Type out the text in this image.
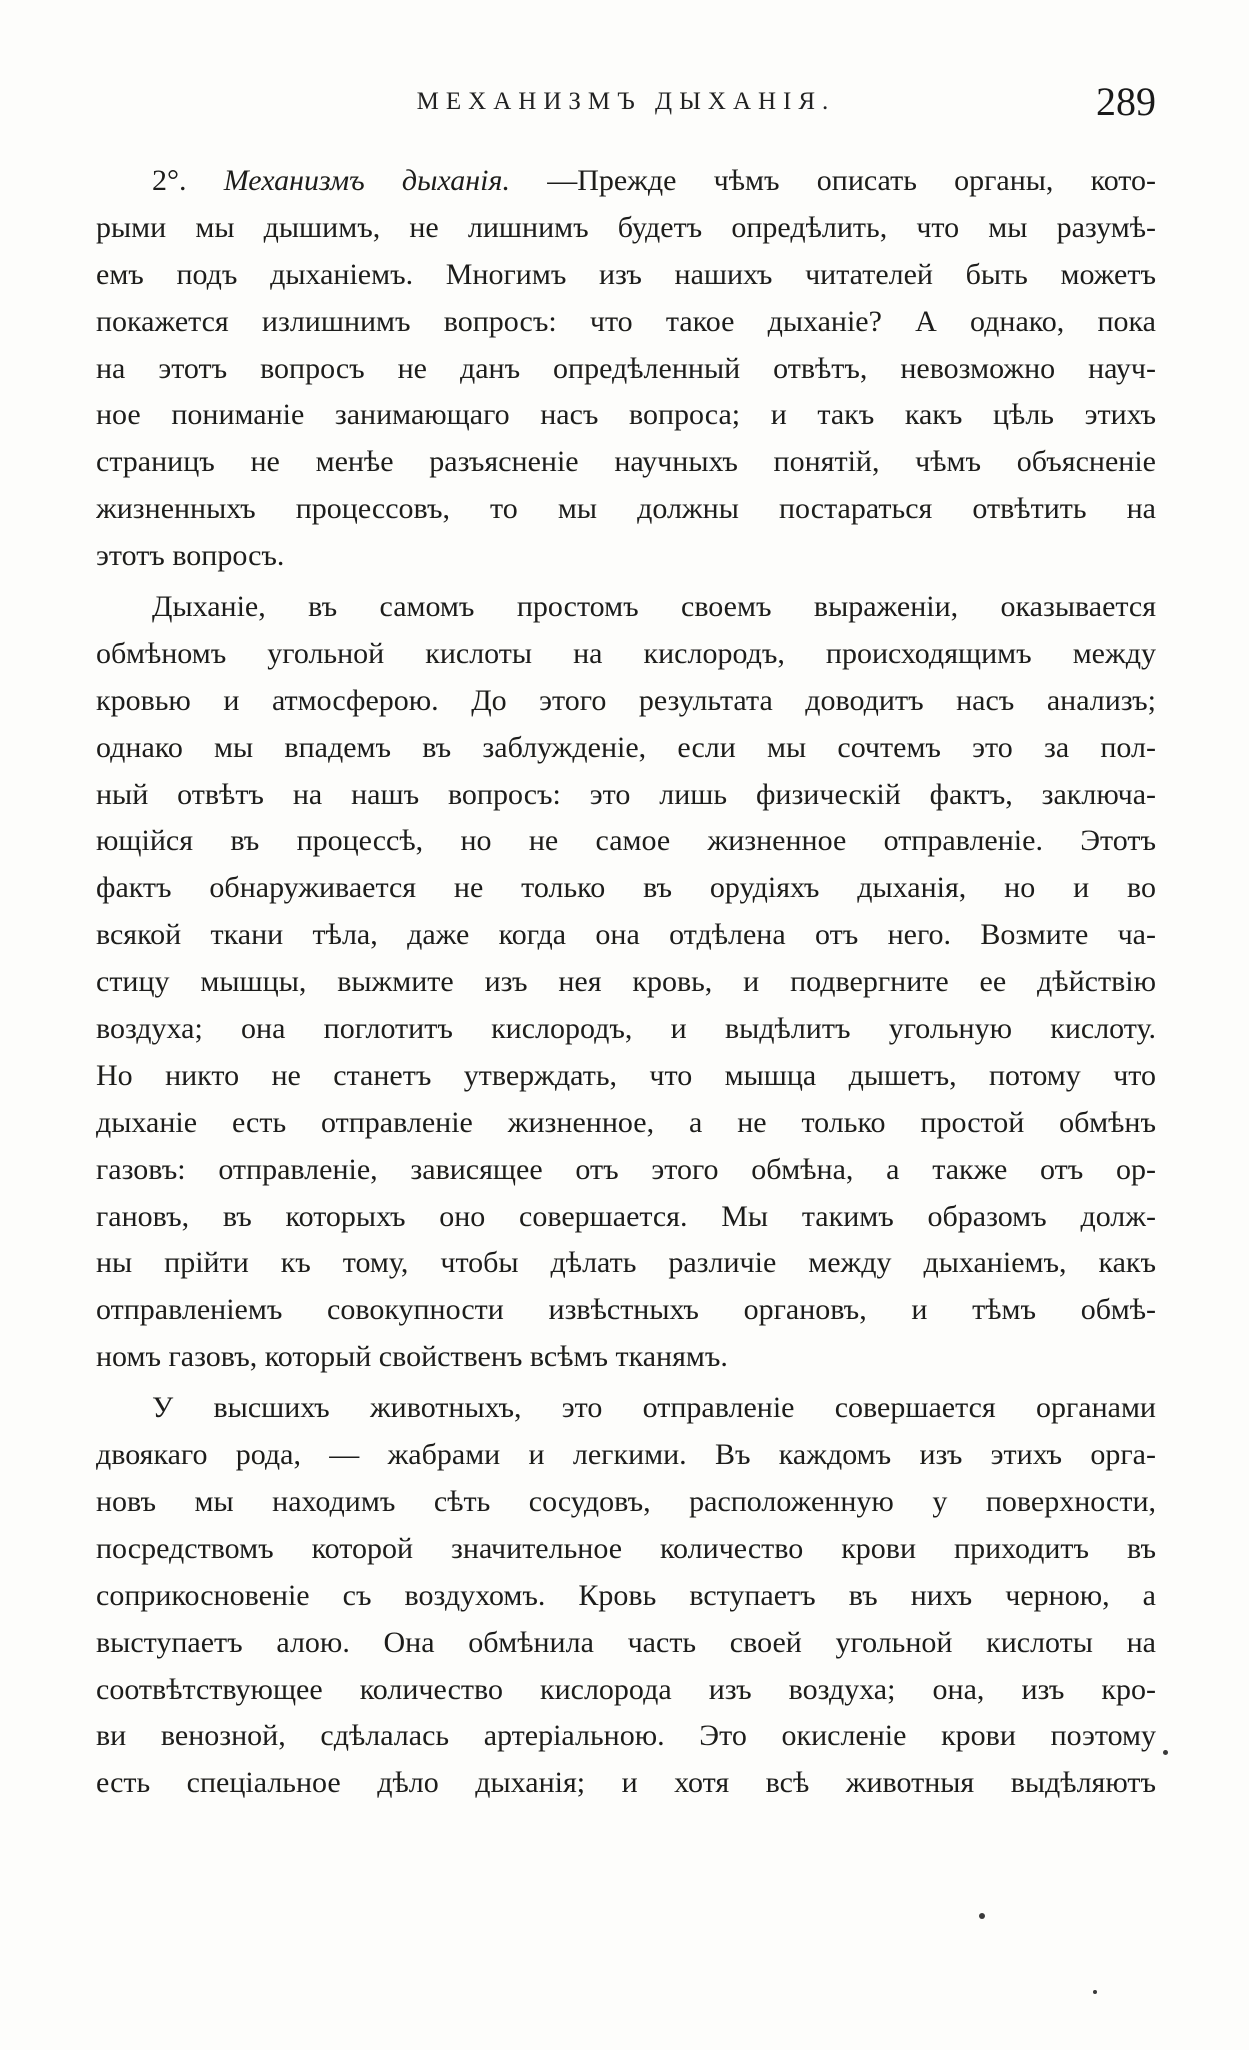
МЕХАНИЗМЪ ДЫХАНІЯ.	289
2°. Механизмъ дыханія. —Прежде чѣмъ описать органы, кото-
рыми мы дышимъ, не лишнимъ будетъ опредѣлить, что мы разумѣ-
емъ подъ дыханіемъ. Многимъ изъ нашихъ читателей быть можетъ
покажется излишнимъ вопросъ: что такое дыханіе? А однако, пока
на этотъ вопросъ не данъ опредѣленный отвѣтъ, невозможно науч-
ное пониманіе занимающаго насъ вопроса; и такъ какъ цѣль этихъ
страницъ не менѣе разъясненіе научныхъ понятій, чѣмъ объясненіе
жизненныхъ процессовъ, то мы должны постараться отвѣтить на
этотъ вопросъ.
Дыханіе, въ самомъ простомъ своемъ выраженіи, оказывается
обмѣномъ угольной кислоты на кислородъ, происходящимъ между
кровью и атмосферою. До этого результата доводитъ насъ анализъ;
однако мы впадемъ въ заблужденіе, если мы сочтемъ это за пол-
ный отвѣтъ на нашъ вопросъ: это лишь физическій фактъ, заключа-
ющійся въ процессѣ, но не самое жизненное отправленіе. Этотъ
фактъ обнаруживается не только въ орудіяхъ дыханія, но и во
всякой ткани тѣла, даже когда она отдѣлена отъ него. Возмите ча-
стицу мышцы, выжмите изъ нея кровь, и подвергните ее дѣйствію
воздуха; она поглотитъ кислородъ, и выдѣлитъ угольную кислоту.
Но никто не станетъ утверждать, что мышца дышетъ, потому что
дыханіе есть отправленіе жизненное, а не только простой обмѣнъ
газовъ: отправленіе, зависящее отъ этого обмѣна, а также отъ ор-
гановъ, въ которыхъ оно совершается. Мы такимъ образомъ долж-
ны прійти къ тому, чтобы дѣлать различіе между дыханіемъ, какъ
отправленіемъ совокупности извѣстныхъ органовъ, и тѣмъ обмѣ-
номъ газовъ, который свойственъ всѣмъ тканямъ.
У высшихъ животныхъ, это отправленіе совершается органами
двоякаго рода, — жабрами и легкими. Въ каждомъ изъ этихъ орга-
новъ мы находимъ сѣть сосудовъ, расположенную у поверхности,
посредствомъ которой значительное количество крови приходитъ въ
соприкосновеніе съ воздухомъ. Кровь вступаетъ въ нихъ черною, а
выступаетъ алою. Она обмѣнила часть своей угольной кислоты на
соотвѣтствующее количество кислорода изъ воздуха; она, изъ кро-
ви венозной, сдѣлалась артеріальною. Это окисленіе крови поэтому
есть спеціальное дѣло дыханія; и хотя всѣ животныя выдѣляютъ
